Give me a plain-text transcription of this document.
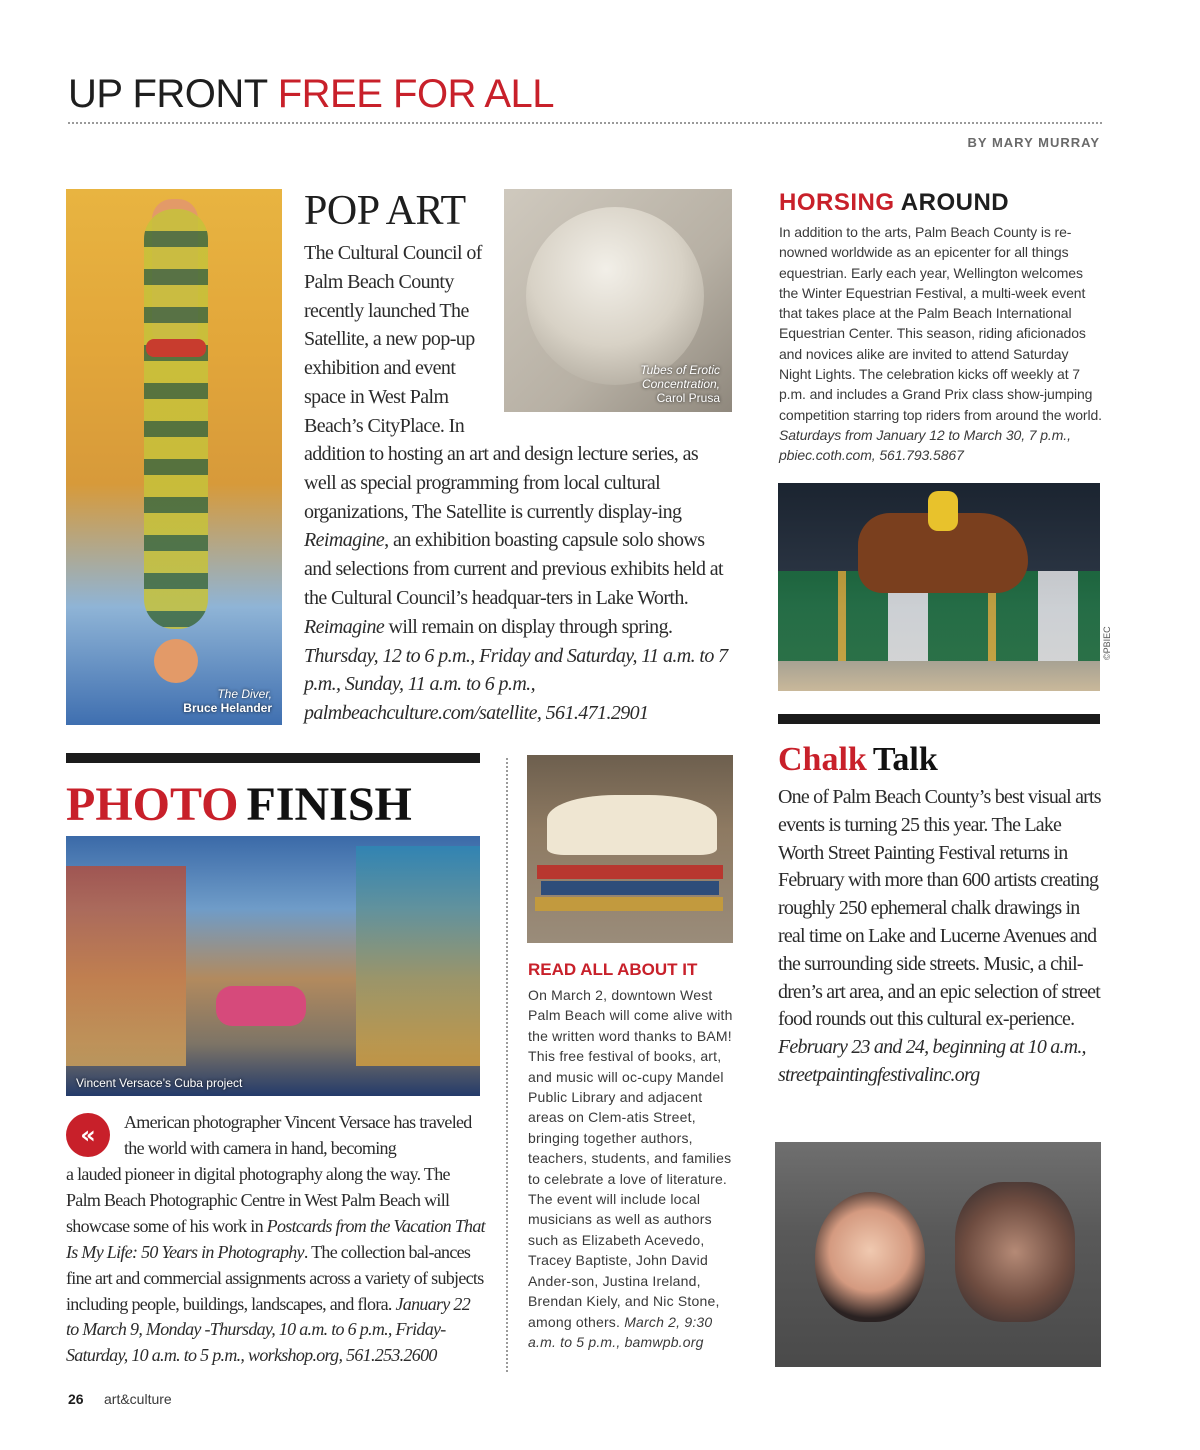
UP FRONT FREE FOR ALL
BY MARY MURRAY
The Diver,
Bruce Helander
POP ART
The Cultural Council of Palm Beach County recently launched The Satellite, a new pop-up exhibition and event space in West Palm Beach’s CityPlace. In
Tubes of Erotic
Concentration,
Carol Prusa
addition to hosting an art and design lecture series, as well as special programming from local cultural organizations, The Satellite is currently display-ing Reimagine, an exhibition boasting capsule solo shows and selections from current and previous exhibits held at the Cultural Council’s headquar-ters in Lake Worth. Reimagine will remain on display through spring. Thursday, 12 to 6 p.m., Friday and Saturday, 11 a.m. to 7 p.m., Sunday, 11 a.m. to 6 p.m., palmbeachculture.com/satellite, 561.471.2901
HORSING AROUND
In addition to the arts, Palm Beach County is re-nowned worldwide as an epicenter for all things equestrian. Early each year, Wellington welcomes the Winter Equestrian Festival, a multi-week event that takes place at the Palm Beach International Equestrian Center. This season, riding aficionados and novices alike are invited to attend Saturday Night Lights. The celebration kicks off weekly at 7 p.m. and includes a Grand Prix class show-jumping competition starring top riders from around the world. Saturdays from January 12 to March 30, 7 p.m., pbiec.coth.com, 561.793.5867
©PBIEC
PHOTO FINISH
Vincent Versace’s Cuba project
«	American photographer Vincent Versace has traveled the world with camera in hand, becoming
a lauded pioneer in digital photography along the way. The Palm Beach Photographic Centre in West Palm Beach will showcase some of his work in Postcards from the Vacation That Is My Life: 50 Years in Photography. The collection bal-ances fine art and commercial assignments across a variety of subjects including people, buildings, landscapes, and flora. January 22 to March 9, Monday -Thursday, 10 a.m. to 6 p.m., Friday-Saturday, 10 a.m. to 5 p.m., workshop.org, 561.253.2600
READ ALL ABOUT IT
On March 2, downtown West Palm Beach will come alive with the written word thanks to BAM! This free festival of books, art, and music will oc-cupy Mandel Public Library and adjacent areas on Clem-atis Street, bringing together authors, teachers, students, and families to celebrate a love of literature. The event will include local musicians as well as authors such as Elizabeth Acevedo, Tracey Baptiste, John David Ander-son, Justina Ireland, Brendan Kiely, and Nic Stone, among others. March 2, 9:30 a.m. to 5 p.m., bamwpb.org
Chalk Talk
One of Palm Beach County’s best visual arts events is turning 25 this year. The Lake Worth Street Painting Festival returns in February with more than 600 artists creating roughly 250 ephemeral chalk drawings in real time on Lake and Lucerne Avenues and the surrounding side streets. Music, a chil-dren’s art area, and an epic selection of street food rounds out this cultural ex-perience. February 23 and 24, beginning at 10 a.m., streetpaintingfestivalinc.org
26 art&culture
